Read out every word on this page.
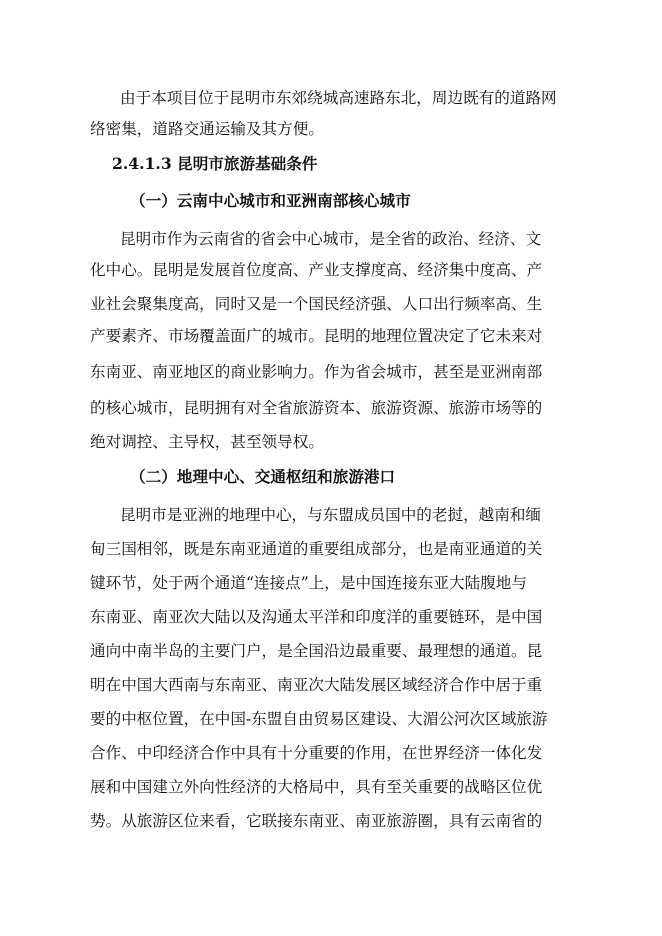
由于本项目位于昆明市东郊绕城高速路东北，周边既有的道路网
络密集，道路交通运输及其方便。
2.4.1.3 昆明市旅游基础条件
（一）云南中心城市和亚洲南部核心城市
昆明市作为云南省的省会中心城市，是全省的政治、经济、文
化中心。昆明是发展首位度高、产业支撑度高、经济集中度高、产
业社会聚集度高，同时又是一个国民经济强、人口出行频率高、生
产要素齐、市场覆盖面广的城市。昆明的地理位置决定了它未来对
东南亚、南亚地区的商业影响力。作为省会城市，甚至是亚洲南部
的核心城市，昆明拥有对全省旅游资本、旅游资源、旅游市场等的
绝对调控、主导权，甚至领导权。
（二）地理中心、交通枢纽和旅游港口
昆明市是亚洲的地理中心，与东盟成员国中的老挝，越南和缅
甸三国相邻，既是东南亚通道的重要组成部分，也是南亚通道的关
键环节，处于两个通道“连接点”上，是中国连接东亚大陆腹地与
东南亚、南亚次大陆以及沟通太平洋和印度洋的重要链环，是中国
通向中南半岛的主要门户，是全国沿边最重要、最理想的通道。昆
明在中国大西南与东南亚、南亚次大陆发展区域经济合作中居于重
要的中枢位置，在中国-东盟自由贸易区建设、大湄公河次区域旅游
合作、中印经济合作中具有十分重要的作用，在世界经济一体化发
展和中国建立外向性经济的大格局中，具有至关重要的战略区位优
势。从旅游区位来看，它联接东南亚、南亚旅游圈，具有云南省的
